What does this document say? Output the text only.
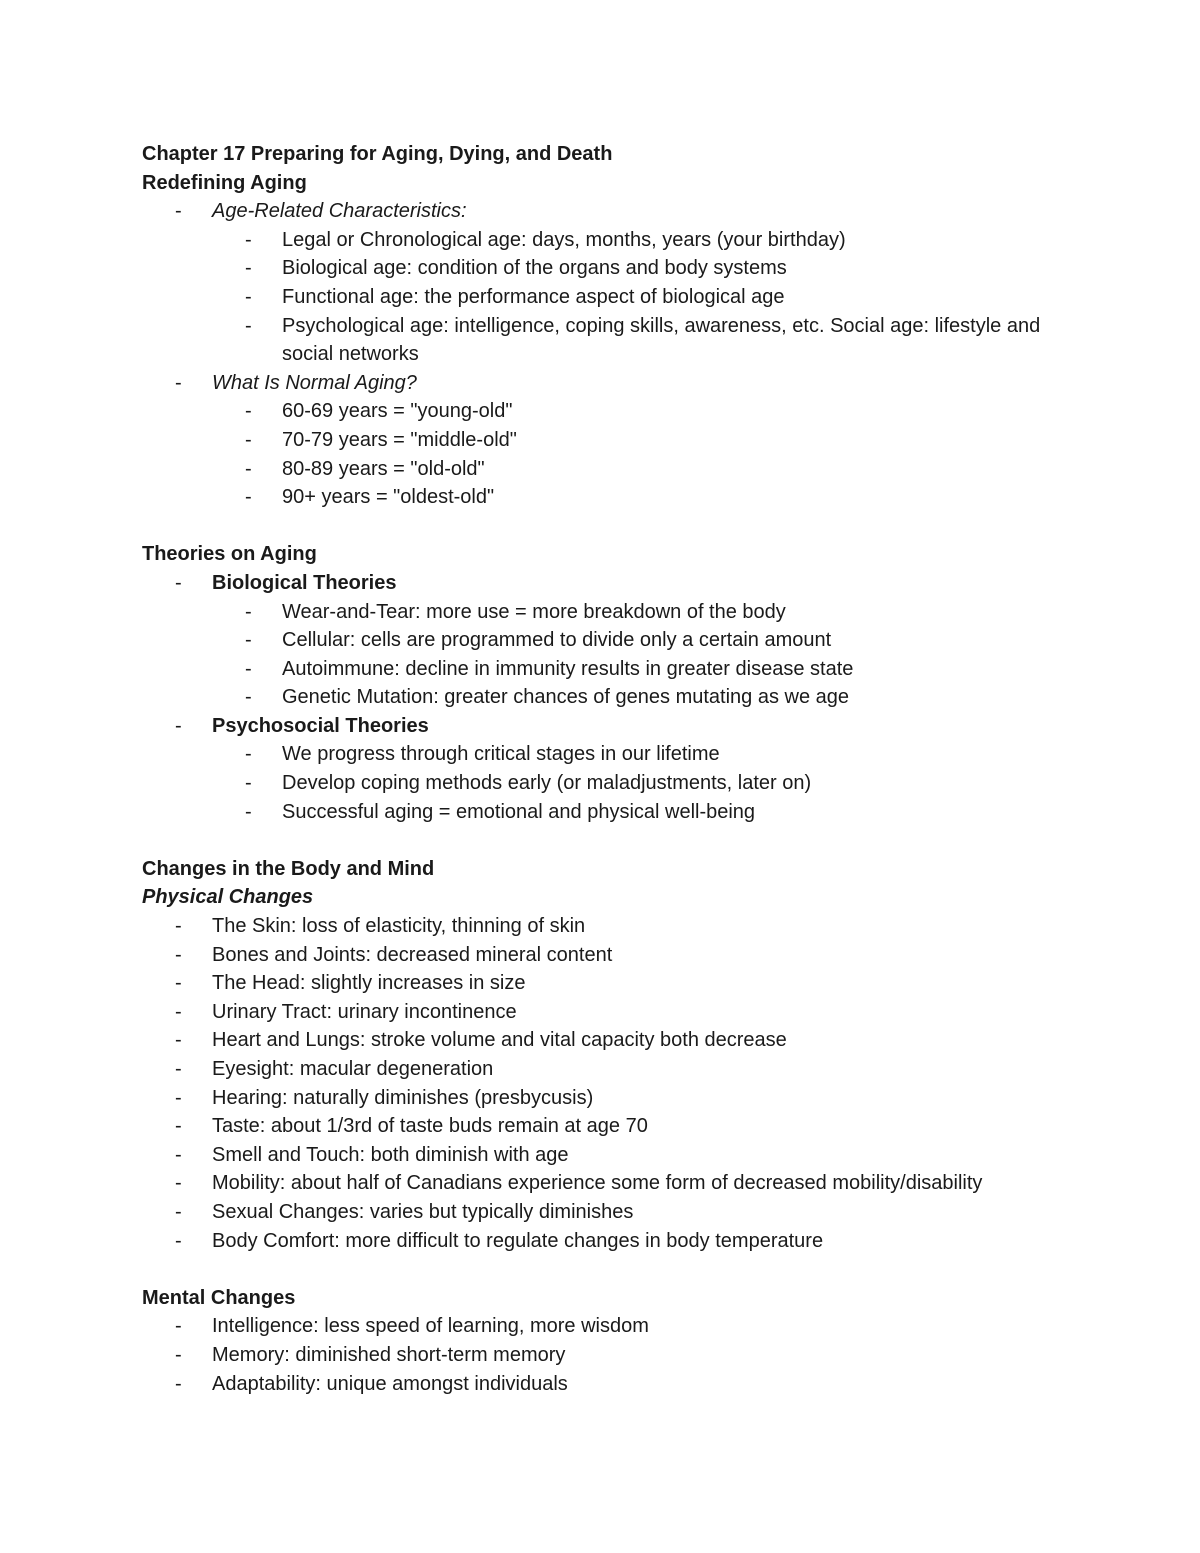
Chapter 17 Preparing for Aging, Dying, and Death
Redefining Aging
- Age-Related Characteristics:
- Legal or Chronological age: days, months, years (your birthday)
- Biological age: condition of the organs and body systems
- Functional age: the performance aspect of biological age
- Psychological age: intelligence, coping skills, awareness, etc. Social age: lifestyle and social networks
- What Is Normal Aging?
- 60-69 years = "young-old"
- 70-79 years = "middle-old"
- 80-89 years = "old-old"
- 90+ years = "oldest-old"
Theories on Aging
- Biological Theories
- Wear-and-Tear: more use = more breakdown of the body
- Cellular: cells are programmed to divide only a certain amount
- Autoimmune: decline in immunity results in greater disease state
- Genetic Mutation: greater chances of genes mutating as we age
- Psychosocial Theories
- We progress through critical stages in our lifetime
- Develop coping methods early (or maladjustments, later on)
- Successful aging = emotional and physical well-being
Changes in the Body and Mind
Physical Changes
- The Skin: loss of elasticity, thinning of skin
- Bones and Joints: decreased mineral content
- The Head: slightly increases in size
- Urinary Tract: urinary incontinence
- Heart and Lungs: stroke volume and vital capacity both decrease
- Eyesight: macular degeneration
- Hearing: naturally diminishes (presbycusis)
- Taste: about 1/3rd of taste buds remain at age 70
- Smell and Touch: both diminish with age
- Mobility: about half of Canadians experience some form of decreased mobility/disability
- Sexual Changes: varies but typically diminishes
- Body Comfort: more difficult to regulate changes in body temperature
Mental Changes
- Intelligence: less speed of learning, more wisdom
- Memory: diminished short-term memory
- Adaptability: unique amongst individuals
